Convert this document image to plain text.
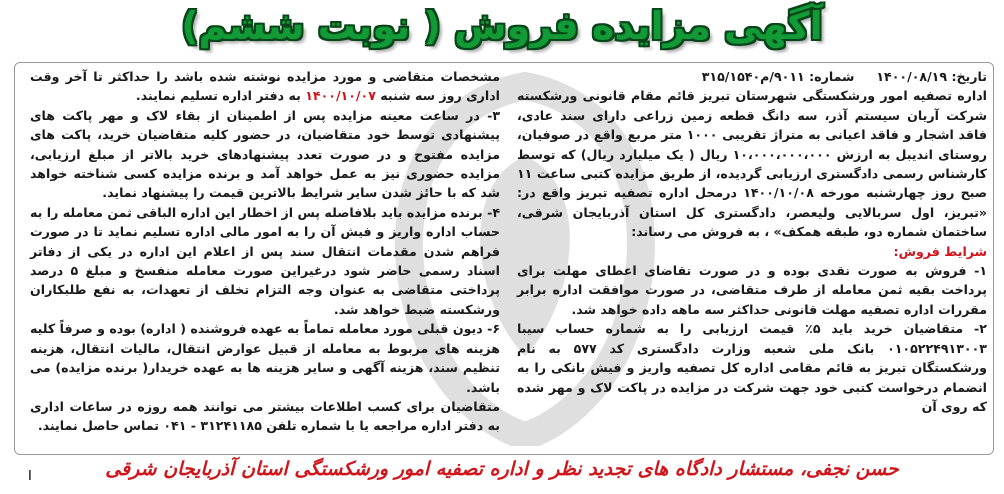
آگهی مزایده فروش ( نوبت ششم)

تاریخ: ۱۴۰۰/۰۸/۱۹     شماره: ۹۰۱۱/م۳۱۵/۱۵۴۰

اداره تصفیه امور ورشکستگی شهرستان تبریز قائم مقام قانونی ورشکسته شرکت آریان سیستم آذر، سه دانگ قطعه زمین زراعی دارای سند عادی، فاقد اشجار و فاقد اعیانی به متراژ تقریبی ۱۰۰۰ متر مربع واقع در صوفیان، روستای اندیبل به ارزش ۱۰،۰۰۰،۰۰۰،۰۰۰ ریال ( یک میلیارد ریال) که توسط کارشناس رسمی دادگستری ارزیابی گردیده، از طریق مزایده کتبی ساعت ۱۱ صبح روز چهارشنبه مورخه ۱۴۰۰/۱۰/۰۸ درمحل اداره تصفیه تبریز واقع در: «تبریز، اول سربالایی ولیعصر، دادگستری کل استان آذربایجان شرقی، ساختمان شماره دو، طبقه همکف» ، به فروش می رساند:

شرایط فروش:

۱- فروش به صورت نقدی بوده و در صورت تقاضای اعطای مهلت برای پرداخت بقیه ثمن معامله از طرف متقاضی، در صورت موافقت اداره برابر مقررات اداره تصفیه مهلت قانونی حداکثر سه ماهه داده خواهد شد.

۲- متقاضیان خرید باید ۵٪ قیمت ارزیابی را به شماره حساب سیبا ۰۱۰۵۲۲۴۹۱۳۰۰۳ بانک ملی شعبه وزارت دادگستری کد ۵۷۷ به نام ورشکستگان تبریز به قائم مقامی اداره کل تصفیه واریز و فیش بانکی را به انضمام درخواست کتبی خود جهت شرکت در مزایده در پاکت لاک و مهر شده که روی آن

مشخصات متقاضی و مورد مزایده نوشته شده باشد را حداکثر تا آخر وقت اداری روز سه شنبه ۱۴۰۰/۱۰/۰۷ به دفتر اداره تسلیم نمایند.

۳- در ساعت معینه مزایده پس از اطمینان از بقاء لاک و مهر پاکت های پیشنهادی توسط خود متقاضیان، در حضور کلیه متقاضیان خرید، پاکت های مزایده مفتوح و در صورت تعدد پیشنهادهای خرید بالاتر از مبلغ ارزیابی، مزایده حضوری نیز به عمل خواهد آمد و برنده مزایده کسی شناخته خواهد شد که با حائز شدن سایر شرایط بالاترین قیمت را پیشنهاد نماید.

۴- برنده مزایده باید بلافاصله پس از اخطار این اداره الباقی ثمن معامله را به حساب اداره واریز و فیش آن را به امور مالی اداره تسلیم نماید تا در صورت فراهم شدن مقدمات انتقال سند پس از اعلام این اداره در یکی از دفاتر اسناد رسمی حاضر شود درغیراین صورت معامله منفسخ و مبلغ ۵ درصد پرداختی متقاضی به عنوان وجه التزام تخلف از تعهدات، به نفع طلبکاران ورشکسته ضبط خواهد شد.

۶- دیون قبلی مورد معامله تماماً به عهده فروشنده ( اداره) بوده و صرفاً کلیه هزینه های مربوط به معامله از قبیل عوارض انتقال، مالیات انتقال، هزینه تنظیم سند، هزینه آگهی و سایر هزینه ها به عهده خریدار( برنده مزایده) می باشد.

متقاضیان برای کسب اطلاعات بیشتر می توانند همه روزه در ساعات اداری به دفتر اداره مراجعه یا با شماره تلفن ۳۱۲۴۱۱۸۵ - ۰۴۱ تماس حاصل نمایند.

حسن نجفی، مستشار دادگاه های تجدید نظر و اداره تصفیه امور ورشکستگی استان آذربایجان شرقی
I
